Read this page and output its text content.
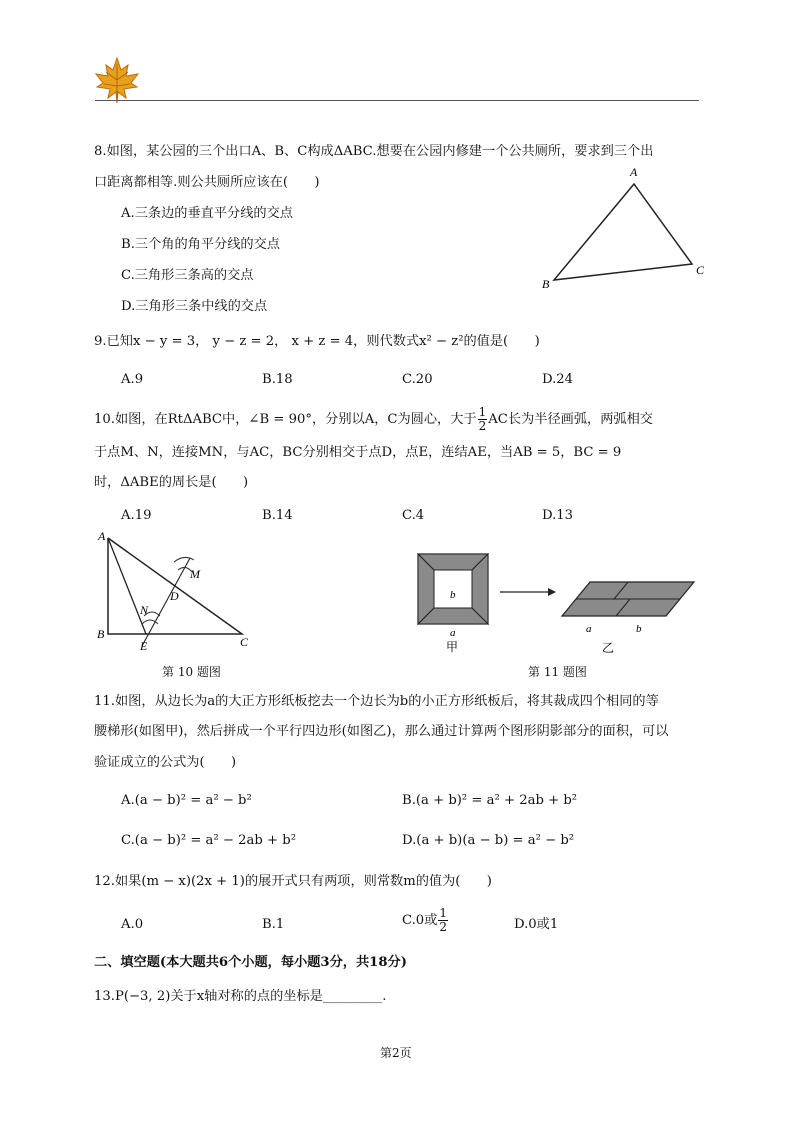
8.如图，某公园的三个出口A、B、C构成ΔABC.想要在公园内修建一个公共厕所，要求到三个出
口距离都相等.则公共厕所应该在(　　)
A.三条边的垂直平分线的交点
B.三个角的角平分线的交点
C.三角形三条高的交点
D.三角形三条中线的交点
A
B
C
9.已知x − y = 3， y − z = 2， x + z = 4，则代数式x² − z²的值是(　　)
A.9	B.18	C.20	D.24
10.如图，在RtΔABC中，∠B = 90°，分别以A，C为圆心，大于 $\frac{1}{2}$ AC长为半径画弧，两弧相交
于点M、N，连接MN，与AC，BC分别相交于点D，点E，连结AE，当AB = 5，BC = 9
时，ΔABE的周长是(　　)
A.19	B.14	C.4	D.13
A
B
C
D
E
M
N
第 10 题图
b
a
甲
a	b
乙
第 11 题图
11.如图，从边长为a的大正方形纸板挖去一个边长为b的小正方形纸板后，将其裁成四个相同的等
腰梯形(如图甲)，然后拼成一个平行四边形(如图乙)，那么通过计算两个图形阴影部分的面积，可以
验证成立的公式为(　　)
A.(a − b)² = a² − b²	B.(a + b)² = a² + 2ab + b²
C.(a − b)² = a² − 2ab + b²	D.(a + b)(a − b) = a² − b²
12.如果(m − x)(2x + 1)的展开式只有两项，则常数m的值为(　　)
A.0	B.1	C.0或 $\frac{1}{2}$	D.0或1
二、填空题(本大题共6个小题，每小题3分，共18分)
13.P(−3, 2)关于x轴对称的点的坐标是_________.
第2页
